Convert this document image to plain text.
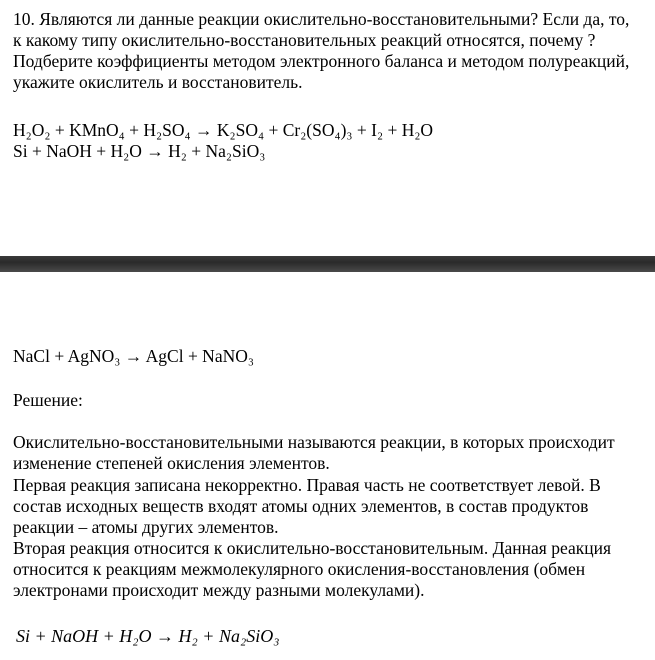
10. Являются ли данные реакции окислительно-восстановительными? Если да, то, к какому типу окислительно-восстановительных реакций относятся, почему ? Подберите коэффициенты методом электронного баланса и методом полуреакций, укажите окислитель и восстановитель.

H₂O₂ + KMnO₄ + H₂SO₄ → K₂SO₄ + Cr₂(SO₄)₃ + I₂ + H₂O
Si + NaOH + H₂O → H₂ + Na₂SiO₃
NaCl + AgNO₃ → AgCl + NaNO₃
Решение:

Окислительно-восстановительными называются реакции, в которых происходит изменение степеней окисления элементов.

Первая реакция записана некорректно. Правая часть не соответствует левой. В состав исходных веществ входят атомы одних элементов, в состав продуктов реакции – атомы других элементов.

Вторая реакция относится к окислительно-восстановительным. Данная реакция относится к реакциям межмолекулярного окисления-восстановления (обмен электронами происходит между разными молекулами).

Si + NaOH + H₂O → H₂ + Na₂SiO₃
